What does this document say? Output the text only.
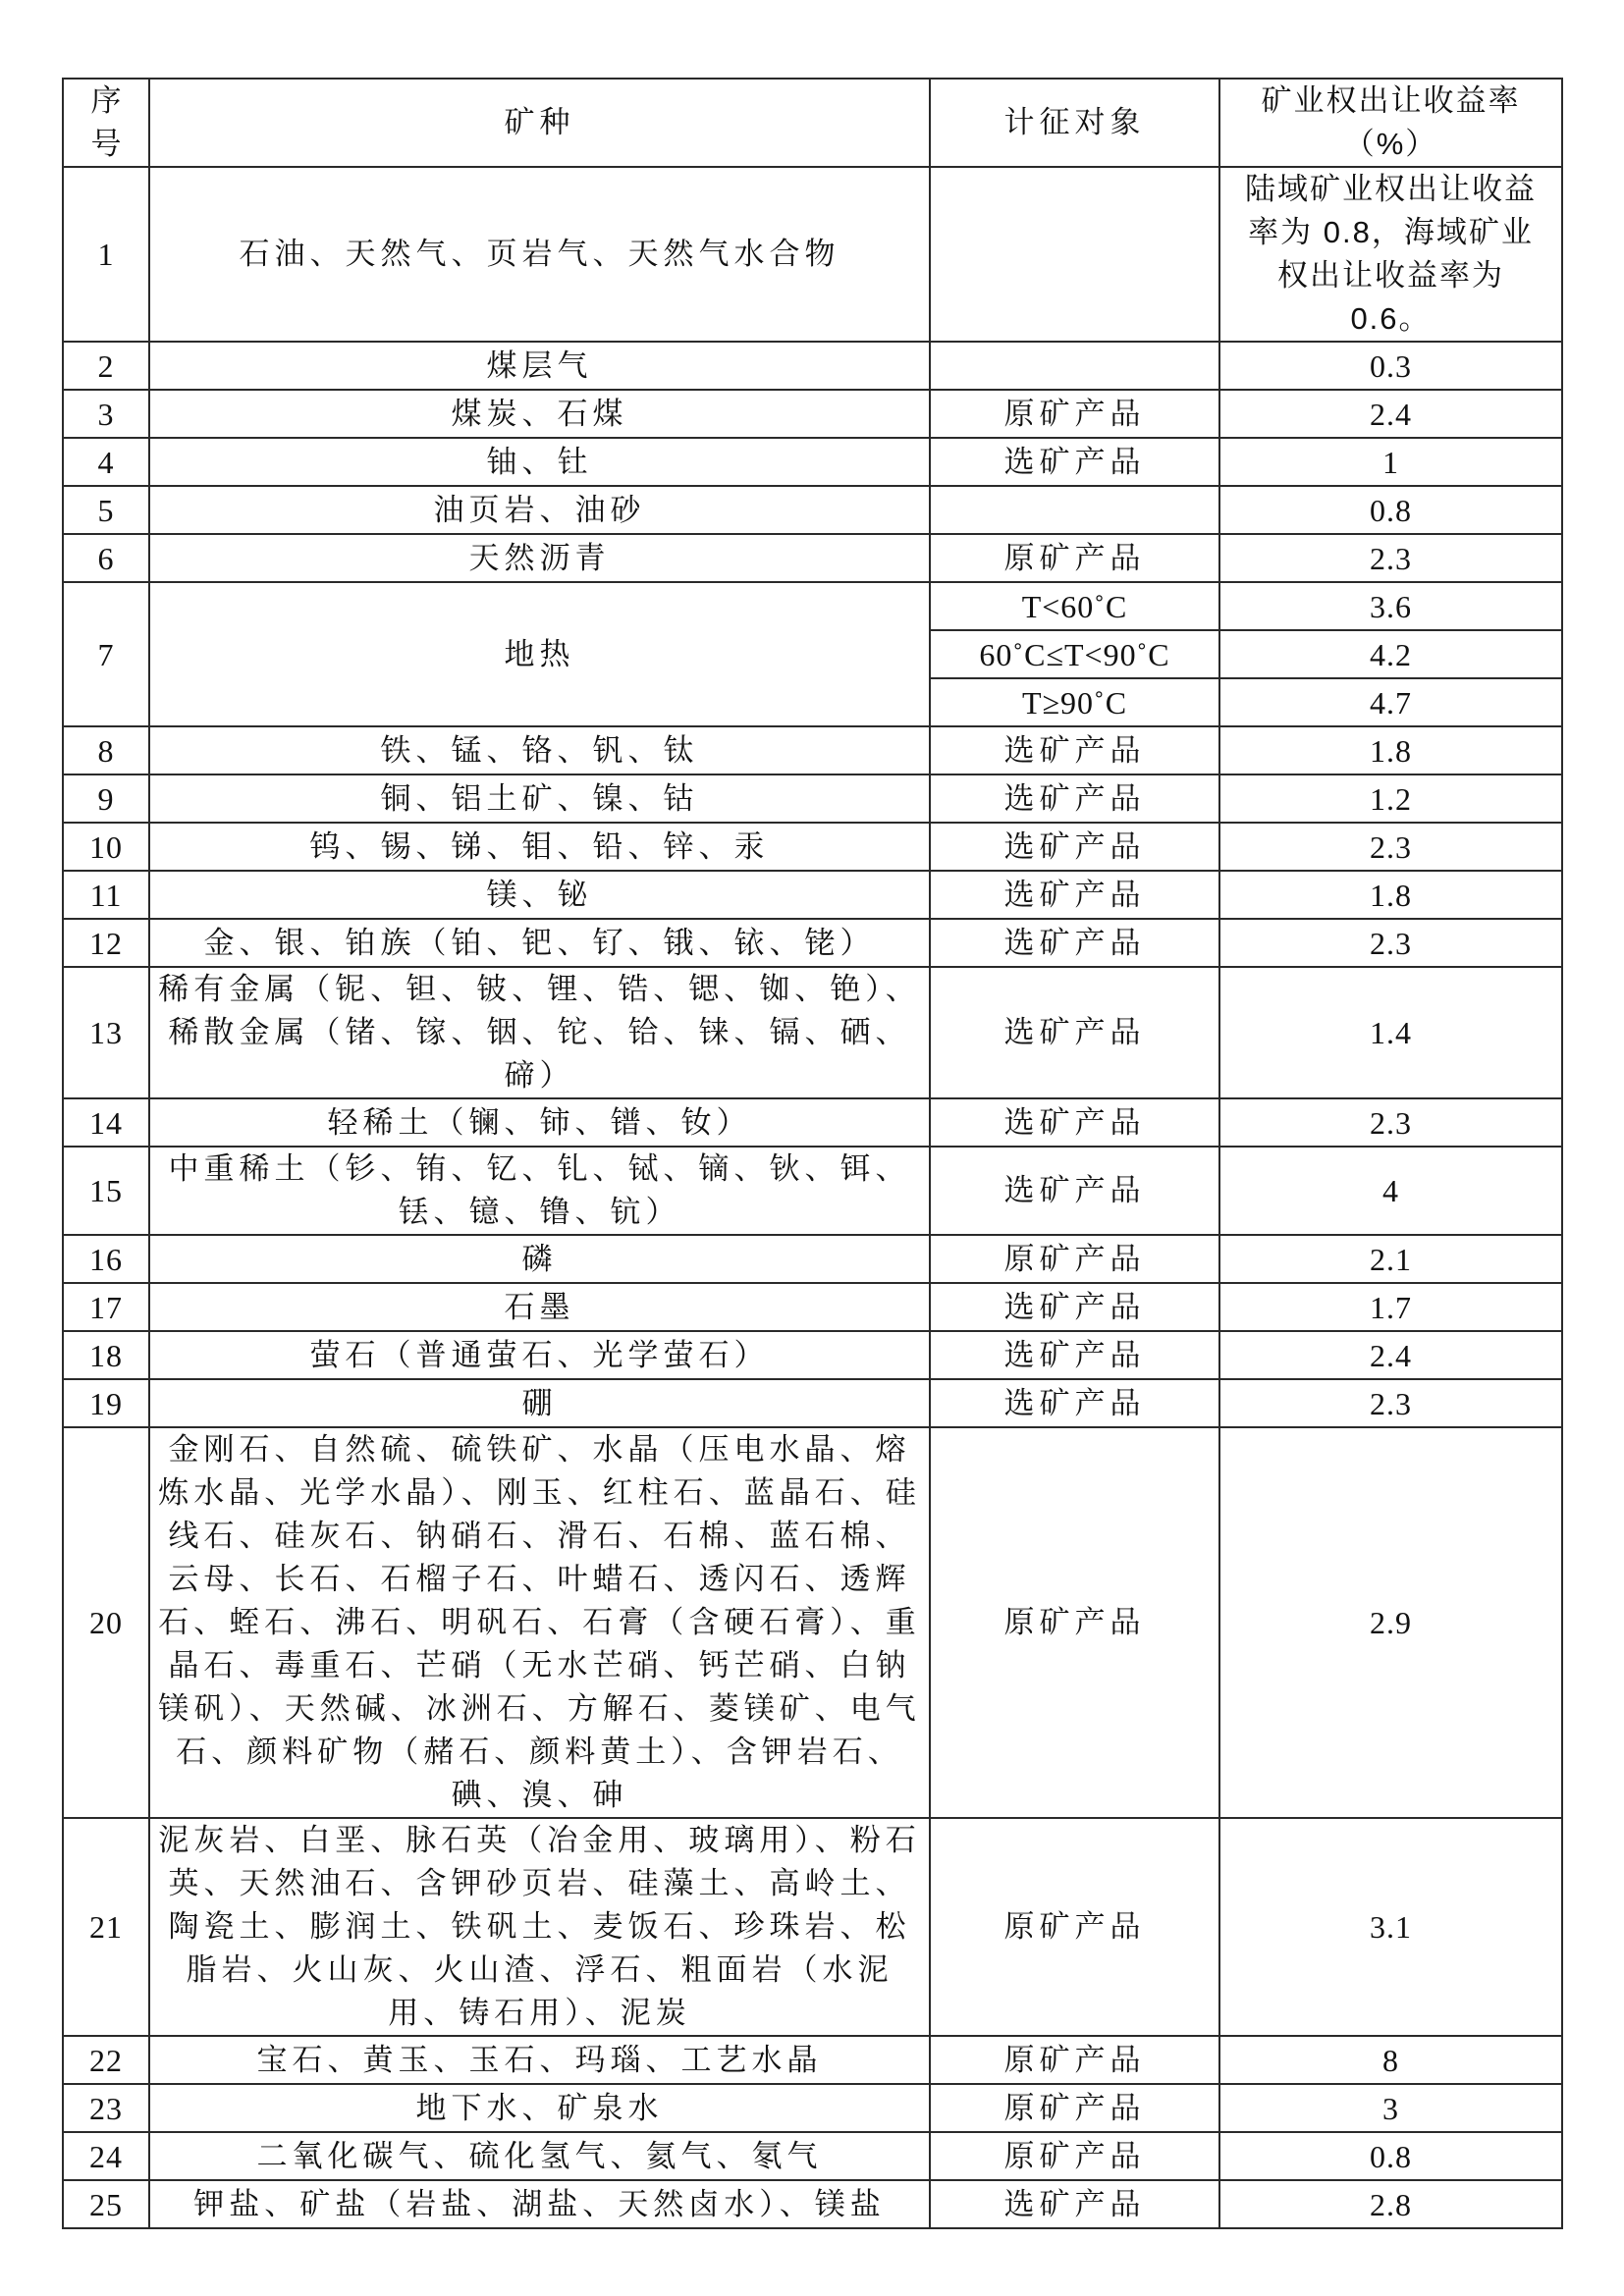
序号	矿种	计征对象	矿业权出让收益率（%）
1	石油、天然气、页岩气、天然气水合物		陆域矿业权出让收益率为 0.8，海域矿业权出让收益率为 0.6。
2	煤层气		0.3
3	煤炭、石煤	原矿产品	2.4
4	铀、钍	选矿产品	1
5	油页岩、油砂		0.8
6	天然沥青	原矿产品	2.3
7	地热	T<60˚C	3.6
		60˚C≤T<90˚C	4.2
		T≥90˚C	4.7
8	铁、锰、铬、钒、钛	选矿产品	1.8
9	铜、铝土矿、镍、钴	选矿产品	1.2
10	钨、锡、锑、钼、铅、锌、汞	选矿产品	2.3
11	镁、铋	选矿产品	1.8
12	金、银、铂族（铂、钯、钌、锇、铱、铑）	选矿产品	2.3
13	稀有金属（铌、钽、铍、锂、锆、锶、铷、铯）、稀散金属（锗、镓、铟、铊、铪、铼、镉、硒、碲）	选矿产品	1.4
14	轻稀土（镧、铈、镨、钕）	选矿产品	2.3
15	中重稀土（钐、铕、钇、钆、铽、镝、钬、铒、铥、镱、镥、钪）	选矿产品	4
16	磷	原矿产品	2.1
17	石墨	选矿产品	1.7
18	萤石（普通萤石、光学萤石）	选矿产品	2.4
19	硼	选矿产品	2.3
20	金刚石、自然硫、硫铁矿、水晶（压电水晶、熔炼水晶、光学水晶）、刚玉、红柱石、蓝晶石、硅线石、硅灰石、钠硝石、滑石、石棉、蓝石棉、云母、长石、石榴子石、叶蜡石、透闪石、透辉石、蛭石、沸石、明矾石、石膏（含硬石膏）、重晶石、毒重石、芒硝（无水芒硝、钙芒硝、白钠镁矾）、天然碱、冰洲石、方解石、菱镁矿、电气石、颜料矿物（赭石、颜料黄土）、含钾岩石、碘、溴、砷	原矿产品	2.9
21	泥灰岩、白垩、脉石英（冶金用、玻璃用）、粉石英、天然油石、含钾砂页岩、硅藻土、高岭土、陶瓷土、膨润土、铁矾土、麦饭石、珍珠岩、松脂岩、火山灰、火山渣、浮石、粗面岩（水泥用、铸石用）、泥炭	原矿产品	3.1
22	宝石、黄玉、玉石、玛瑙、工艺水晶	原矿产品	8
23	地下水、矿泉水	原矿产品	3
24	二氧化碳气、硫化氢气、氦气、氡气	原矿产品	0.8
25	钾盐、矿盐（岩盐、湖盐、天然卤水）、镁盐	选矿产品	2.8
